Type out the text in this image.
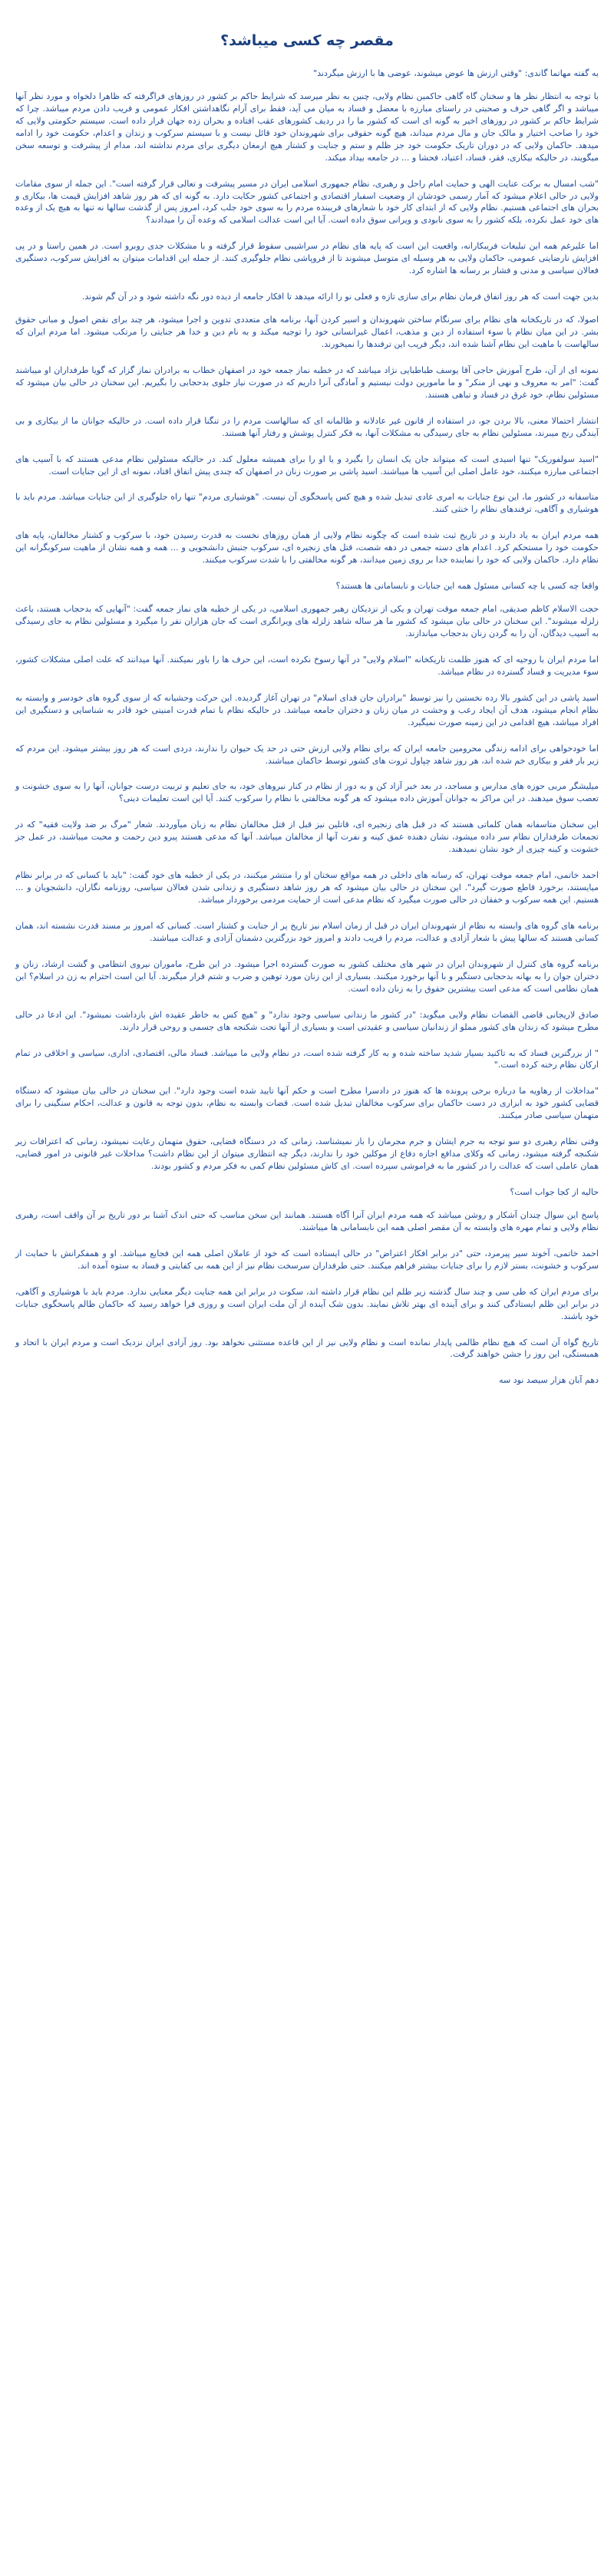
مقصر چه کسی میباشد؟

به گفته مهاتما گاندی: "وقتی ارزش ها عوض میشوند، عوضی ها با ارزش میگردند"

با توجه به انتظار نظر ها و سخنان گاه گاهی حاکمین نظام ولایی، چنین به نظر میرسد که شرایط حاکم بر کشور در روزهای فراگرفته که ظاهرا دلخواه و مورد نظر آنها میباشد و اگر گاهی حرف و صحبتی در راستای مبارزه با معضل و فساد به میان می آید، فقط برای آرام نگاهداشتن افکار عمومی و فریب دادن مردم میباشد. چرا که شرایط حاکم بر کشور در روزهای اخیر به گونه ای است که کشور ما را در ردیف کشورهای عقب افتاده و بحران زده جهان قرار داده است. سیستم حکومتی ولایی که خود را صاحب اختیار و مالک جان و مال مردم میداند، هیچ گونه حقوقی برای شهروندان خود قائل نیست و با سیستم سرکوب و زندان و اعدام، حکومت خود را ادامه میدهد. حاکمان ولایی که در دوران تاریک حکومت خود جز ظلم و ستم و جنایت و کشتار هیچ ارمغان دیگری برای مردم نداشته اند، مدام از پیشرفت و توسعه سخن میگویند، در حالیکه بیکاری، فقر، فساد، اعتیاد، فحشا و ... در جامعه بیداد میکند.

"شب امسال به برکت عنایت الهی و حمایت امام راحل و رهبری، نظام جمهوری اسلامی ایران در مسیر پیشرفت و تعالی قرار گرفته است". این جمله از سوی مقامات ولایی در حالی اعلام میشود که آمار رسمی خودشان از وضعیت اسفبار اقتصادی و اجتماعی کشور حکایت دارد. به گونه ای که هر روز شاهد افزایش قیمت ها، بیکاری و بحران های اجتماعی هستیم. نظام ولایی که از ابتدای کار خود با شعارهای فریبنده مردم را به سوی خود جلب کرد، امروز پس از گذشت سالها نه تنها به هیچ یک از وعده های خود عمل نکرده، بلکه کشور را به سوی نابودی و ویرانی سوق داده است. آیا این است عدالت اسلامی که وعده آن را میدادند؟

اما علیرغم همه این تبلیغات فریبکارانه، واقعیت این است که پایه های نظام در سراشیبی سقوط قرار گرفته و با مشکلات جدی روبرو است. در همین راستا و در پی افزایش نارضایتی عمومی، حاکمان ولایی به هر وسیله ای متوسل میشوند تا از فروپاشی نظام جلوگیری کنند. از جمله این اقدامات میتوان به افزایش سرکوب، دستگیری فعالان سیاسی و مدنی و فشار بر رسانه ها اشاره کرد.

بدین جهت است که هر روز اتفاق فرمان نظام برای سازی تازه و فعلی نو را ارائه میدهد تا افکار جامعه از دیده دور نگه داشته شود و در آن گم شوند.

اصولا، که در تاریکخانه های نظام برای سرنگام ساختن شهروندان و اسیر کردن آنها، برنامه های متعددی تدوین و اجرا میشود، هر چند برای نقض اصول و مبانی حقوق بشر. در این میان نظام با سوء استفاده از دین و مذهب، اعمال غیرانسانی خود را توجیه میکند و به نام دین و خدا هر جنایتی را مرتکب میشود. اما مردم ایران که سالهاست با ماهیت این نظام آشنا شده اند، دیگر فریب این ترفندها را نمیخورند.

نمونه ای از آن، طرح آموزش حاجی آقا یوسف طباطبایی نژاد میباشد که در خطبه نماز جمعه خود در اصفهان خطاب به برادران نماز گزار که گویا طرفداران او میباشند گفت: "امر به معروف و نهی از منکر" و ما مامورین دولت نیستیم و آمادگی آنرا داریم که در صورت نیاز جلوی بدحجابی را بگیریم. این سخنان در حالی بیان میشود که مسئولین نظام، خود غرق در فساد و تباهی هستند.

انتشار احتمالا معنی، بالا بردن جو، در استفاده از قانون غیر عادلانه و ظالمانه ای که سالهاست مردم را در تنگنا قرار داده است. در حالیکه جوانان ما از بیکاری و بی آیندگی رنج میبرند، مسئولین نظام به جای رسیدگی به مشکلات آنها، به فکر کنترل پوشش و رفتار آنها هستند.

"اسید سولفوریک" تنها اسیدی است که میتواند جان یک انسان را بگیرد و یا او را برای همیشه معلول کند. در حالیکه مسئولین نظام مدعی هستند که با آسیب های اجتماعی مبارزه میکنند، خود عامل اصلی این آسیب ها میباشند. اسید پاشی بر صورت زنان در اصفهان که چندی پیش اتفاق افتاد، نمونه ای از این جنایات است.

متاسفانه در کشور ما، این نوع جنایات به امری عادی تبدیل شده و هیچ کس پاسخگوی آن نیست. "هوشیاری مردم" تنها راه جلوگیری از این جنایات میباشد. مردم باید با هوشیاری و آگاهی، ترفندهای نظام را خنثی کنند.

همه مردم ایران به یاد دارند و در تاریخ ثبت شده است که چگونه نظام ولایی از همان روزهای نخست به قدرت رسیدن خود، با سرکوب و کشتار مخالفان، پایه های حکومت خود را مستحکم کرد. اعدام های دسته جمعی در دهه شصت، قتل های زنجیره ای، سرکوب جنبش دانشجویی و ... همه و همه نشان از ماهیت سرکوبگرانه این نظام دارد. حاکمان ولایی که خود را نماینده خدا بر روی زمین میدانند، هر گونه مخالفتی را با شدت سرکوب میکنند.

واقعا چه کسی یا چه کسانی مسئول همه این جنایات و نابسامانی ها هستند؟

حجت الاسلام کاظم صدیقی، امام جمعه موقت تهران و یکی از نزدیکان رهبر جمهوری اسلامی، در یکی از خطبه های نماز جمعه گفت: "آنهایی که بدحجاب هستند، باعث زلزله میشوند". این سخنان در حالی بیان میشود که کشور ما هر ساله شاهد زلزله های ویرانگری است که جان هزاران نفر را میگیرد و مسئولین نظام به جای رسیدگی به آسیب دیدگان، آن را به گردن زنان بدحجاب میاندازند.

اما مردم ایران با روحیه ای که هنوز ظلمت تاریکخانه "اسلام ولایی" در آنها رسوخ نکرده است، این حرف ها را باور نمیکنند. آنها میدانند که علت اصلی مشکلات کشور، سوء مدیریت و فساد گسترده در نظام میباشد.

اسید پاشی در این کشور بالا رده نخستین را نیز توسط "برادران جان فدای اسلام" در تهران آغاز گردیده. این حرکت وحشیانه که از سوی گروه های خودسر و وابسته به نظام انجام میشود، هدف آن ایجاد رعب و وحشت در میان زنان و دختران جامعه میباشد. در حالیکه نظام با تمام قدرت امنیتی خود قادر به شناسایی و دستگیری این افراد میباشد، هیچ اقدامی در این زمینه صورت نمیگیرد.

اما خودخواهی برای ادامه زندگی محرومین جامعه ایران که برای نظام ولایی ارزش حتی در حد یک حیوان را ندارند، دردی است که هر روز بیشتر میشود. این مردم که زیر بار فقر و بیکاری خم شده اند، هر روز شاهد چپاول ثروت های کشور توسط حاکمان میباشند.

میلیشگر مربی حوزه های مدارس و مساجد، در بعد خبر آزاد کن و به دور از نظام در کنار نیروهای خود، به جای تعلیم و تربیت درست جوانان، آنها را به سوی خشونت و تعصب سوق میدهند. در این مراکز به جوانان آموزش داده میشود که هر گونه مخالفتی با نظام را سرکوب کنند. آیا این است تعلیمات دینی؟

این سخنان متاسفانه همان کلماتی هستند که در قبل های زنجیره ای، قاتلین نیز قبل از قتل مخالفان نظام به زبان میآوردند. شعار "مرگ بر ضد ولایت فقیه" که در تجمعات طرفداران نظام سر داده میشود، نشان دهنده عمق کینه و نفرت آنها از مخالفان میباشد. آنها که مدعی هستند پیرو دین رحمت و محبت میباشند، در عمل جز خشونت و کینه چیزی از خود نشان نمیدهند.

احمد خاتمی، امام جمعه موقت تهران، که رسانه های داخلی در همه مواقع سخنان او را منتشر میکنند، در یکی از خطبه های خود گفت: "باید با کسانی که در برابر نظام میایستند، برخورد قاطع صورت گیرد". این سخنان در حالی بیان میشود که هر روز شاهد دستگیری و زندانی شدن فعالان سیاسی، روزنامه نگاران، دانشجویان و ... هستیم. این همه سرکوب و خفقان در حالی صورت میگیرد که نظام مدعی است از حمایت مردمی برخوردار میباشد.

برنامه های گروه های وابسته به نظام از شهروندان ایران در قبل از زمان اسلام نیز تاریخ پر از جنایت و کشتار است. کسانی که امروز بر مسند قدرت نشسته اند، همان کسانی هستند که سالها پیش با شعار آزادی و عدالت، مردم را فریب دادند و امروز خود بزرگترین دشمنان آزادی و عدالت میباشند.

برنامه گروه های کنترل از شهروندان ایران در شهر های مختلف کشور به صورت گسترده اجرا میشود. در این طرح، ماموران نیروی انتظامی و گشت ارشاد، زنان و دختران جوان را به بهانه بدحجابی دستگیر و با آنها برخورد میکنند. بسیاری از این زنان مورد توهین و ضرب و شتم قرار میگیرند. آیا این است احترام به زن در اسلام؟ این همان نظامی است که مدعی است بیشترین حقوق را به زنان داده است.

صادق لاریجانی قاضی القضات نظام ولایی میگوید: "در کشور ما زندانی سیاسی وجود ندارد" و "هیچ کس به خاطر عقیده اش بازداشت نمیشود". این ادعا در حالی مطرح میشود که زندان های کشور مملو از زندانیان سیاسی و عقیدتی است و بسیاری از آنها تحت شکنجه های جسمی و روحی قرار دارند.

" از بزرگترین فساد که به تاکنید بسیار شدید ساخته شده و به کار گرفته شده است، در نظام ولایی ما میباشد. فساد مالی، اقتصادی، اداری، سیاسی و اخلاقی در تمام ارکان نظام رخنه کرده است."

"مداخلات از رهاویه ما درباره برخی پرونده ها که هنوز در دادسرا مطرح است و حکم آنها تایید شده است وجود دارد". این سخنان در حالی بیان میشود که دستگاه قضایی کشور خود به ابزاری در دست حاکمان برای سرکوب مخالفان تبدیل شده است. قضات وابسته به نظام، بدون توجه به قانون و عدالت، احکام سنگینی را برای متهمان سیاسی صادر میکنند.

وقتی نظام رهبری دو سو توجه به جرم ایشان و جرم مجرمان را باز نمیشناسد، زمانی که در دستگاه قضایی، حقوق متهمان رعایت نمیشود، زمانی که اعترافات زیر شکنجه گرفته میشود، زمانی که وکلای مدافع اجازه دفاع از موکلین خود را ندارند، دیگر چه انتظاری میتوان از این نظام داشت؟ مداخلات غیر قانونی در امور قضایی، همان عاملی است که عدالت را در کشور ما به فراموشی سپرده است. ای کاش مسئولین نظام کمی به فکر مردم و کشور بودند.

حالیه از کجا جواب است؟

پاسخ این سوال چندان آشکار و روشن میباشد که همه مردم ایران آنرا آگاه هستند. همانند این سخن مناسب که حتی اندک آشنا بر دور تاریخ بر آن واقف است، رهبری نظام ولایی و تمام مهره های وابسته به آن مقصر اصلی همه این نابسامانی ها میباشند.

احمد خاتمی، آخوند سیر پیرمرد، حتی "در برابر افکار اعتراض" در حالی ایستاده است که خود از عاملان اصلی همه این فجایع میباشد. او و همفکرانش با حمایت از سرکوب و خشونت، بستر لازم را برای جنایات بیشتر فراهم میکنند. حتی طرفداران سرسخت نظام نیز از این همه بی کفایتی و فساد به ستوه آمده اند.

برای مردم ایران که طی سی و چند سال گذشته زیر ظلم این نظام قرار داشته اند، سکوت در برابر این همه جنایت دیگر معنایی ندارد. مردم باید با هوشیاری و آگاهی، در برابر این ظلم ایستادگی کنند و برای آینده ای بهتر تلاش نمایند. بدون شک آینده از آن ملت ایران است و روزی فرا خواهد رسید که حاکمان ظالم پاسخگوی جنایات خود باشند.

تاریخ گواه آن است که هیچ نظام ظالمی پایدار نمانده است و نظام ولایی نیز از این قاعده مستثنی نخواهد بود. روز آزادی ایران نزدیک است و مردم ایران با اتحاد و همبستگی، این روز را جشن خواهند گرفت.

دهم آبان هزار سیصد نود سه
